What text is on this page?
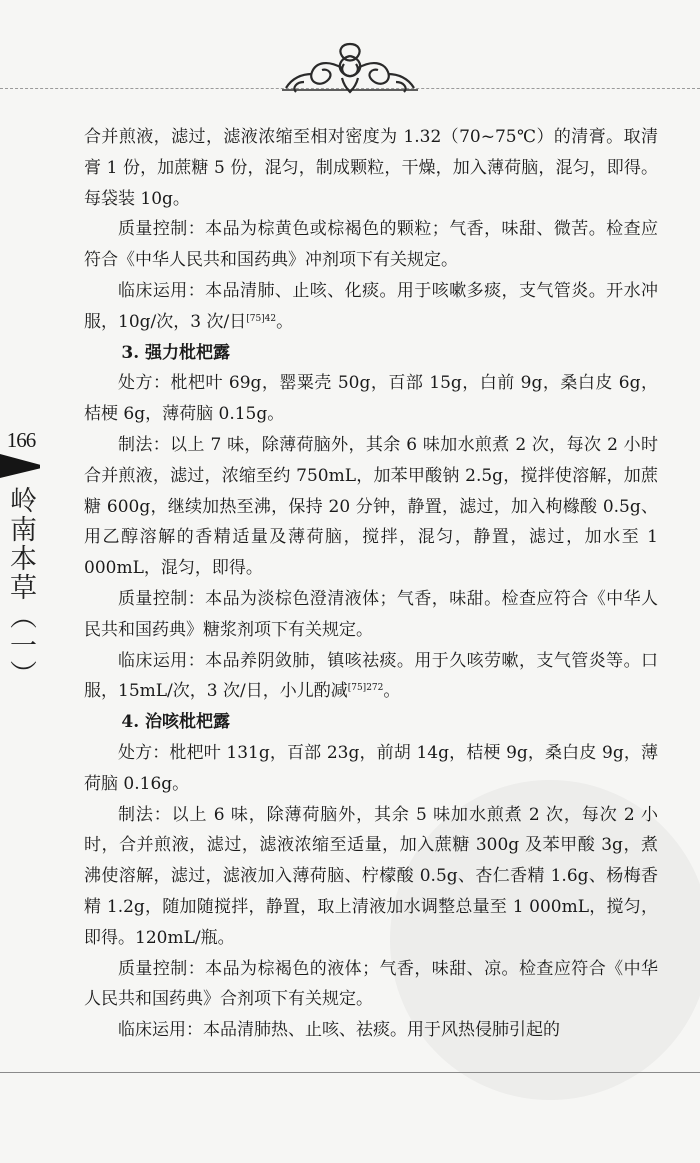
166
岭南本草（一）

合并煎液，滤过，滤液浓缩至相对密度为 1.32（70~75℃）的清膏。取清膏 1 份，加蔗糖 5 份，混匀，制成颗粒，干燥，加入薄荷脑，混匀，即得。每袋装 10g。

质量控制：本品为棕黄色或棕褐色的颗粒；气香，味甜、微苦。检查应符合《中华人民共和国药典》冲剂项下有关规定。

临床运用：本品清肺、止咳、化痰。用于咳嗽多痰，支气管炎。开水冲服，10g/次，3 次/日$^{[75]42}$。

3. 强力枇杷露

处方：枇杷叶 69g，罂粟壳 50g，百部 15g，白前 9g，桑白皮 6g，桔梗 6g，薄荷脑 0.15g。

制法：以上 7 味，除薄荷脑外，其余 6 味加水煎煮 2 次，每次 2 小时合并煎液，滤过，浓缩至约 750mL，加苯甲酸钠 2.5g，搅拌使溶解，加蔗糖 600g，继续加热至沸，保持 20 分钟，静置，滤过，加入枸橼酸 0.5g、用乙醇溶解的香精适量及薄荷脑，搅拌，混匀，静置，滤过，加水至 1 000mL，混匀，即得。

质量控制：本品为淡棕色澄清液体；气香，味甜。检查应符合《中华人民共和国药典》糖浆剂项下有关规定。

临床运用：本品养阴敛肺，镇咳祛痰。用于久咳劳嗽，支气管炎等。口服，15mL/次，3 次/日，小儿酌减$^{[75]272}$。

4. 治咳枇杷露

处方：枇杷叶 131g，百部 23g，前胡 14g，桔梗 9g，桑白皮 9g，薄荷脑 0.16g。

制法：以上 6 味，除薄荷脑外，其余 5 味加水煎煮 2 次，每次 2 小时，合并煎液，滤过，滤液浓缩至适量，加入蔗糖 300g 及苯甲酸 3g，煮沸使溶解，滤过，滤液加入薄荷脑、柠檬酸 0.5g、杏仁香精 1.6g、杨梅香精 1.2g，随加随搅拌，静置，取上清液加水调整总量至 1 000mL，搅匀，即得。120mL/瓶。

质量控制：本品为棕褐色的液体；气香，味甜、凉。检查应符合《中华人民共和国药典》合剂项下有关规定。

临床运用：本品清肺热、止咳、祛痰。用于风热侵肺引起的
